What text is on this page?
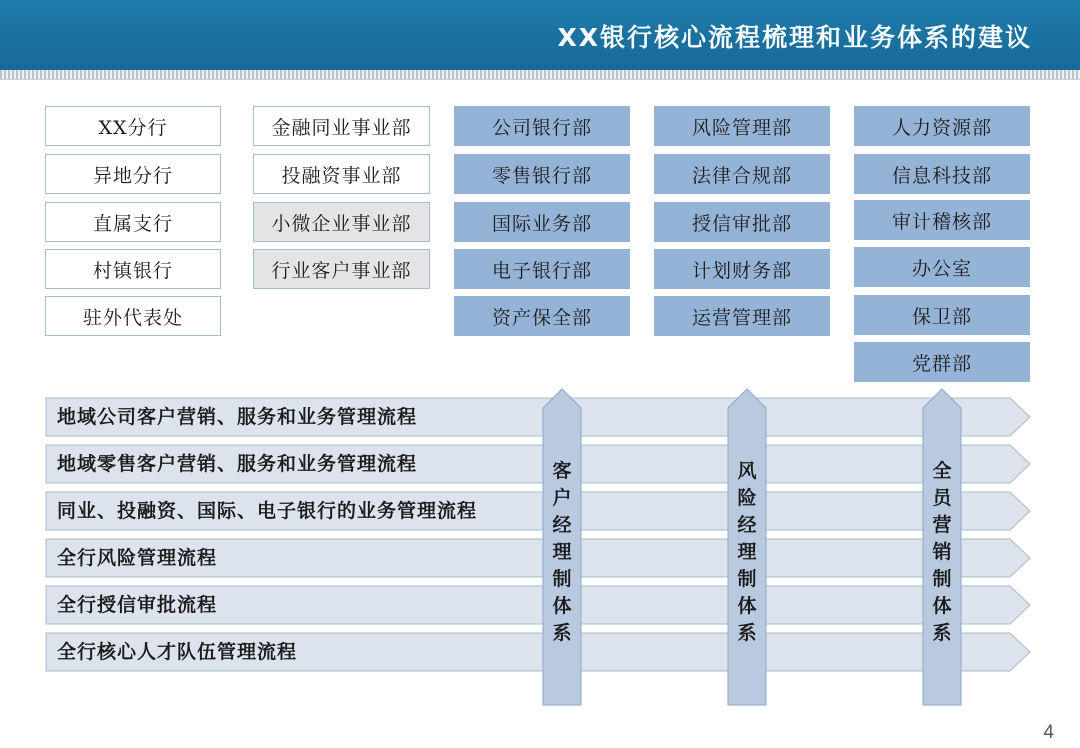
XX银行核心流程梳理和业务体系的建议
XX分行
异地分行
直属支行
村镇银行
驻外代表处
金融同业事业部
投融资事业部
小微企业事业部
行业客户事业部
公司银行部
零售银行部
国际业务部
电子银行部
资产保全部
风险管理部
法律合规部
授信审批部
计划财务部
运营管理部
人力资源部
信息科技部
审计稽核部
办公室
保卫部
党群部
地域公司客户营销、服务和业务管理流程
地域零售客户营销、服务和业务管理流程
同业、投融资、国际、电子银行的业务管理流程
全行风险管理流程
全行授信审批流程
全行核心人才队伍管理流程
客户经理制体系
风险经理制体系
全员营销制体系
4
